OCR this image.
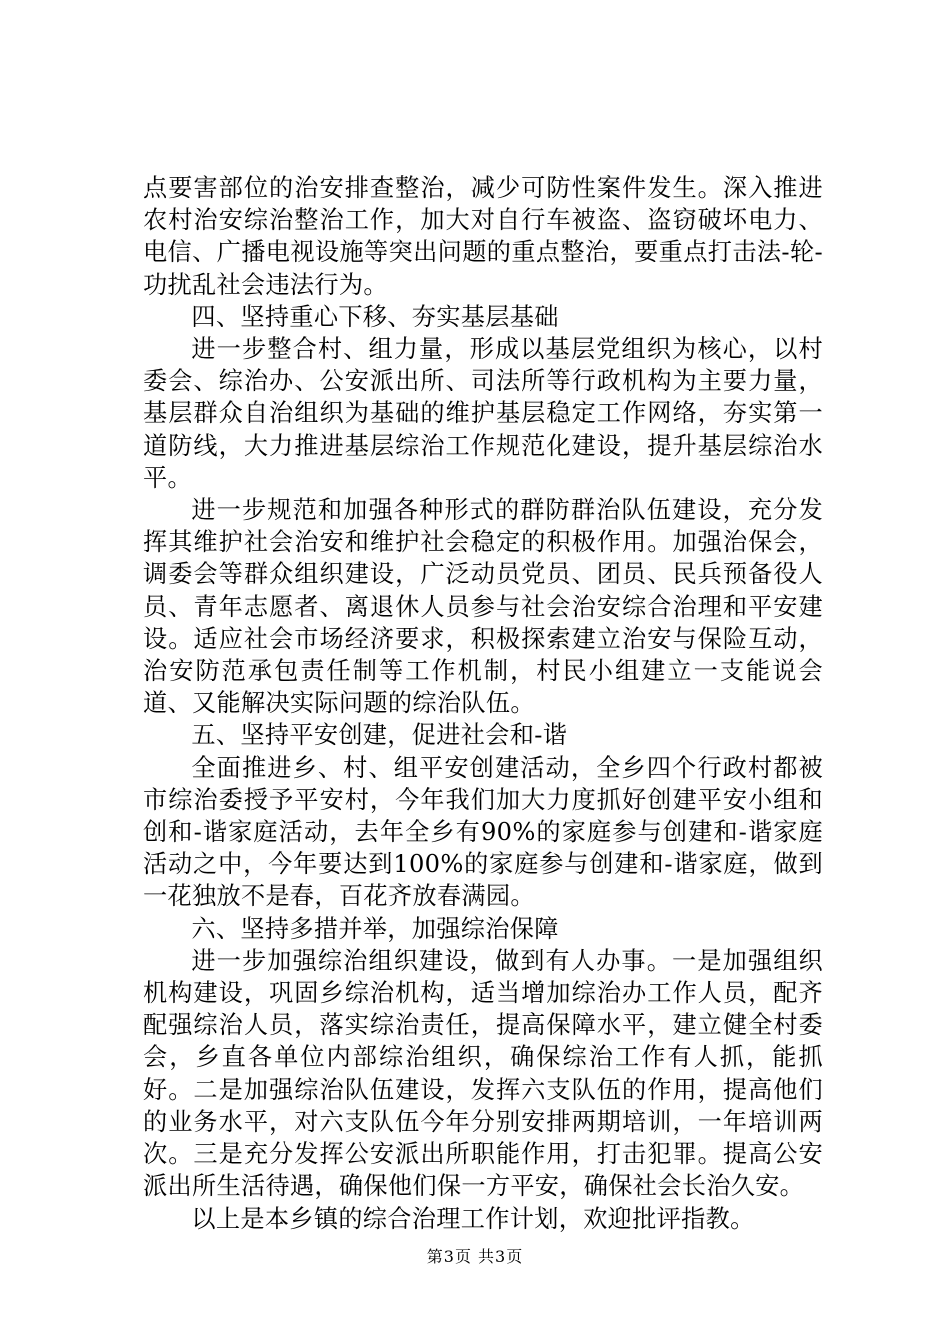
点要害部位的治安排查整治，减少可防性案件发生。深入推进农村治安综治整治工作，加大对自行车被盗、盗窃破坏电力、电信、广播电视设施等突出问题的重点整治，要重点打击法-轮-功扰乱社会违法行为。

四、坚持重心下移、夯实基层基础

进一步整合村、组力量，形成以基层党组织为核心，以村委会、综治办、公安派出所、司法所等行政机构为主要力量，基层群众自治组织为基础的维护基层稳定工作网络，夯实第一道防线，大力推进基层综治工作规范化建设，提升基层综治水平。

进一步规范和加强各种形式的群防群治队伍建设，充分发挥其维护社会治安和维护社会稳定的积极作用。加强治保会，调委会等群众组织建设，广泛动员党员、团员、民兵预备役人员、青年志愿者、离退休人员参与社会治安综合治理和平安建设。适应社会市场经济要求，积极探索建立治安与保险互动，治安防范承包责任制等工作机制，村民小组建立一支能说会道、又能解决实际问题的综治队伍。

五、坚持平安创建，促进社会和-谐

全面推进乡、村、组平安创建活动，全乡四个行政村都被市综治委授予平安村，今年我们加大力度抓好创建平安小组和创和-谐家庭活动，去年全乡有90%的家庭参与创建和-谐家庭活动之中，今年要达到100%的家庭参与创建和-谐家庭，做到一花独放不是春，百花齐放春满园。

六、坚持多措并举，加强综治保障

进一步加强综治组织建设，做到有人办事。一是加强组织机构建设，巩固乡综治机构，适当增加综治办工作人员，配齐配强综治人员，落实综治责任，提高保障水平，建立健全村委会，乡直各单位内部综治组织，确保综治工作有人抓，能抓好。二是加强综治队伍建设，发挥六支队伍的作用，提高他们的业务水平，对六支队伍今年分别安排两期培训，一年培训两次。三是充分发挥公安派出所职能作用，打击犯罪。提高公安派出所生活待遇，确保他们保一方平安，确保社会长治久安。

以上是本乡镇的综合治理工作计划，欢迎批评指教。

第3页 共3页
